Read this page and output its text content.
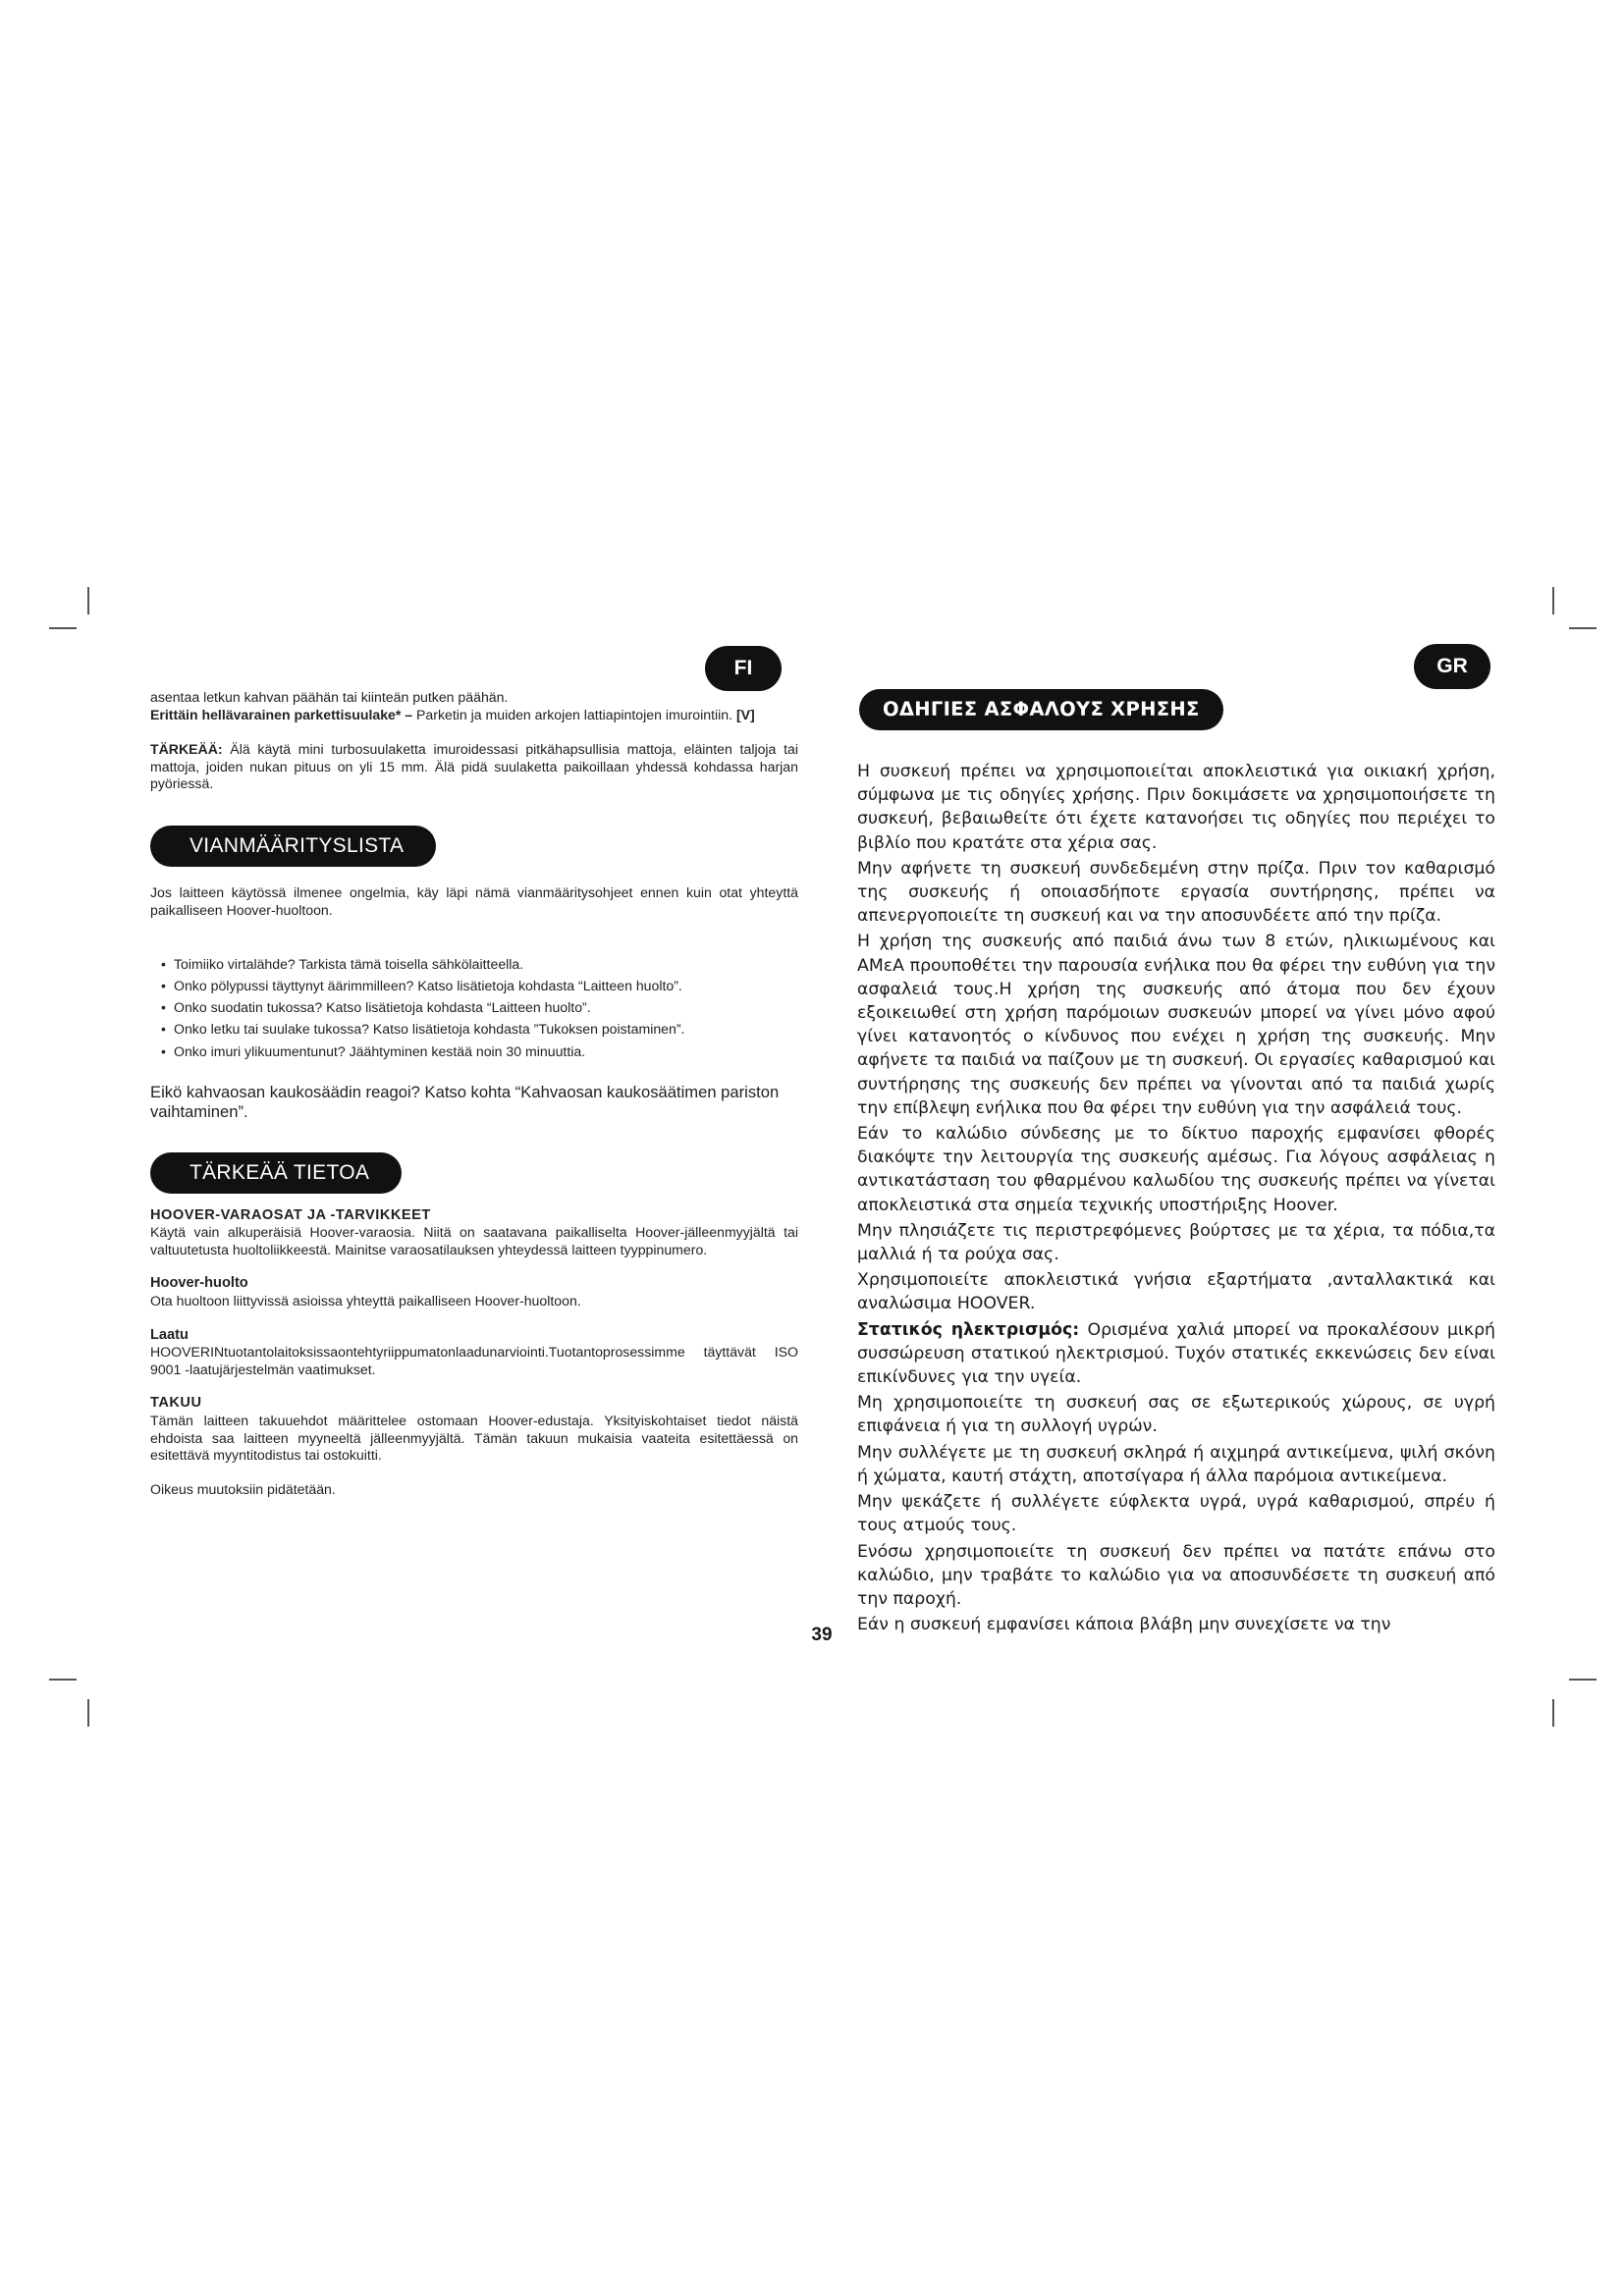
FI	GR

asentaa letkun kahvan päähän tai kiinteän putken päähän.

Erittäin hellävarainen parkettisuulake* – Parketin ja muiden arkojen lattiapintojen imurointiin. [V]

TÄRKEÄÄ: Älä käytä mini turbosuulaketta imuroidessasi pitkähapsullisia mattoja, eläinten taljoja tai mattoja, joiden nukan pituus on yli 15 mm. Älä pidä suulaketta paikoillaan yhdessä kohdassa harjan pyöriessä.

VIANMÄÄRITYSLISTA

Jos laitteen käytössä ilmenee ongelmia, käy läpi nämä vianmääritysohjeet ennen kuin otat yhteyttä paikalliseen Hoover-huoltoon.

• Toimiiko virtalähde? Tarkista tämä toisella sähkölaitteella.
• Onko pölypussi täyttynyt äärimmilleen? Katso lisätietoja kohdasta “Laitteen huolto”.
• Onko suodatin tukossa? Katso lisätietoja kohdasta “Laitteen huolto”.
• Onko letku tai suulake tukossa? Katso lisätietoja kohdasta ”Tukoksen poistaminen”.
• Onko imuri ylikuumentunut? Jäähtyminen kestää noin 30 minuuttia.

Eikö kahvaosan kaukosäädin reagoi? Katso kohta “Kahvaosan kaukosäätimen pariston vaihtaminen”.

TÄRKEÄÄ TIETOA
HOOVER-VARAOSAT JA -TARVIKKEET

Käytä vain alkuperäisiä Hoover-varaosia. Niitä on saatavana paikalliselta Hoover-jälleenmyyjältä tai valtuutetusta huoltoliikkeestä. Mainitse varaosatilauksen yhteydessä laitteen tyyppinumero.

Hoover-huolto

Ota huoltoon liittyvissä asioissa yhteyttä paikalliseen Hoover-huoltoon.

Laatu

HOOVERINtuotantolaitoksissaontehtyriippumatonlaadunarviointi.Tuotantoprosessimme täyttävät ISO 9001 -laatujärjestelmän vaatimukset.

TAKUU

Tämän laitteen takuuehdot määrittelee ostomaan Hoover-edustaja. Yksityiskohtaiset tiedot näistä ehdoista saa laitteen myyneeltä jälleenmyyjältä. Tämän takuun mukaisia vaateita esitettäessä on esitettävä myyntitodistus tai ostokuitti.

Oikeus muutoksiin pidätetään.

ΟΔΗΓΙΕΣ ΑΣΦΑΛΟΥΣ ΧΡΗΣΗΣ

Η συσκευή πρέπει να χρησιμοποιείται αποκλειστικά για οικιακή χρήση, σύμφωνα με τις οδηγίες χρήσης. Πριν δοκιμάσετε να χρησιμοποιήσετε τη συσκευή, βεβαιωθείτε ότι έχετε κατανοήσει τις οδηγίες που περιέχει το βιβλίο που κρατάτε στα χέρια σας.

Μην αφήνετε τη συσκευή συνδεδεμένη στην πρίζα. Πριν τον καθαρισμό της συσκευής ή οποιασδήποτε εργασία συντήρησης, πρέπει να απενεργοποιείτε τη συσκευή και να την αποσυνδέετε από την πρίζα.

Η χρήση της συσκευής από παιδιά άνω των 8 ετών, ηλικιωμένους και ΑΜεΑ προυποθέτει την παρουσία ενήλικα που θα φέρει την ευθύνη για την ασφαλειά τους.Η χρήση της συσκευής από άτομα που δεν έχουν εξοικειωθεί στη χρήση παρόμοιων συσκευών μπορεί να γίνει μόνο αφού γίνει κατανοητός ο κίνδυνος που ενέχει η χρήση της συσκευής. Μην αφήνετε τα παιδιά να παίζουν με τη συσκευή. Οι εργασίες καθαρισμού και συντήρησης της συσκευής δεν πρέπει να γίνονται από τα παιδιά χωρίς την επίβλεψη ενήλικα που θα φέρει την ευθύνη για την ασφάλειά τους.

Εάν το καλώδιο σύνδεσης με το δίκτυο παροχής εμφανίσει φθορές διακόψτε την λειτουργία της συσκευής αμέσως. Για λόγους ασφάλειας η αντικατάσταση του φθαρμένου καλωδίου της συσκευής πρέπει να γίνεται αποκλειστικά στα σημεία τεχνικής υποστήριξης Hoover.

Μην πλησιάζετε τις περιστρεφόμενες βούρτσες με τα χέρια, τα πόδια,τα μαλλιά ή τα ρούχα σας.

Χρησιμοποιείτε αποκλειστικά γνήσια εξαρτήματα ,ανταλλακτικά και αναλώσιμα HOOVER.

Στατικός ηλεκτρισμός: Ορισμένα χαλιά μπορεί να προκαλέσουν μικρή συσσώρευση στατικού ηλεκτρισμού. Τυχόν στατικές εκκενώσεις δεν είναι επικίνδυνες για την υγεία.

Μη χρησιμοποιείτε τη συσκευή σας σε εξωτερικούς χώρους, σε υγρή επιφάνεια ή για τη συλλογή υγρών.

Μην συλλέγετε με τη συσκευή σκληρά ή αιχμηρά αντικείμενα, ψιλή σκόνη ή χώματα, καυτή στάχτη, αποτσίγαρα ή άλλα παρόμοια αντικείμενα.

Μην ψεκάζετε ή συλλέγετε εύφλεκτα υγρά, υγρά καθαρισμού, σπρέυ ή τους ατμούς τους.

Ενόσω χρησιμοποιείτε τη συσκευή δεν πρέπει να πατάτε επάνω στο καλώδιο, μην τραβάτε το καλώδιο για να αποσυνδέσετε τη συσκευή από την παροχή.

Εάν η συσκευή εμφανίσει κάποια βλάβη μην συνεχίσετε να την

39
